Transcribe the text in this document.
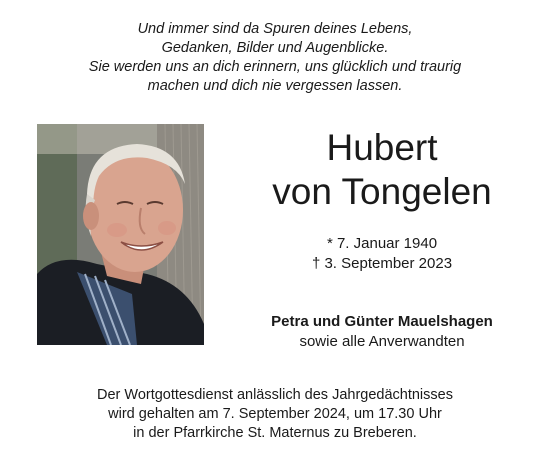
Und immer sind da Spuren deines Lebens,
Gedanken, Bilder und Augenblicke.
Sie werden uns an dich erinnern, uns glücklich und traurig
machen und dich nie vergessen lassen.
Hubert
von Tongelen
* 7. Januar 1940
† 3. September 2023
Petra und Günter Mauelshagen
sowie alle Anverwandten
Der Wortgottesdienst anlässlich des Jahrgedächtnisses
wird gehalten am 7. September 2024, um 17.30 Uhr
in der Pfarrkirche St. Maternus zu Breberen.
